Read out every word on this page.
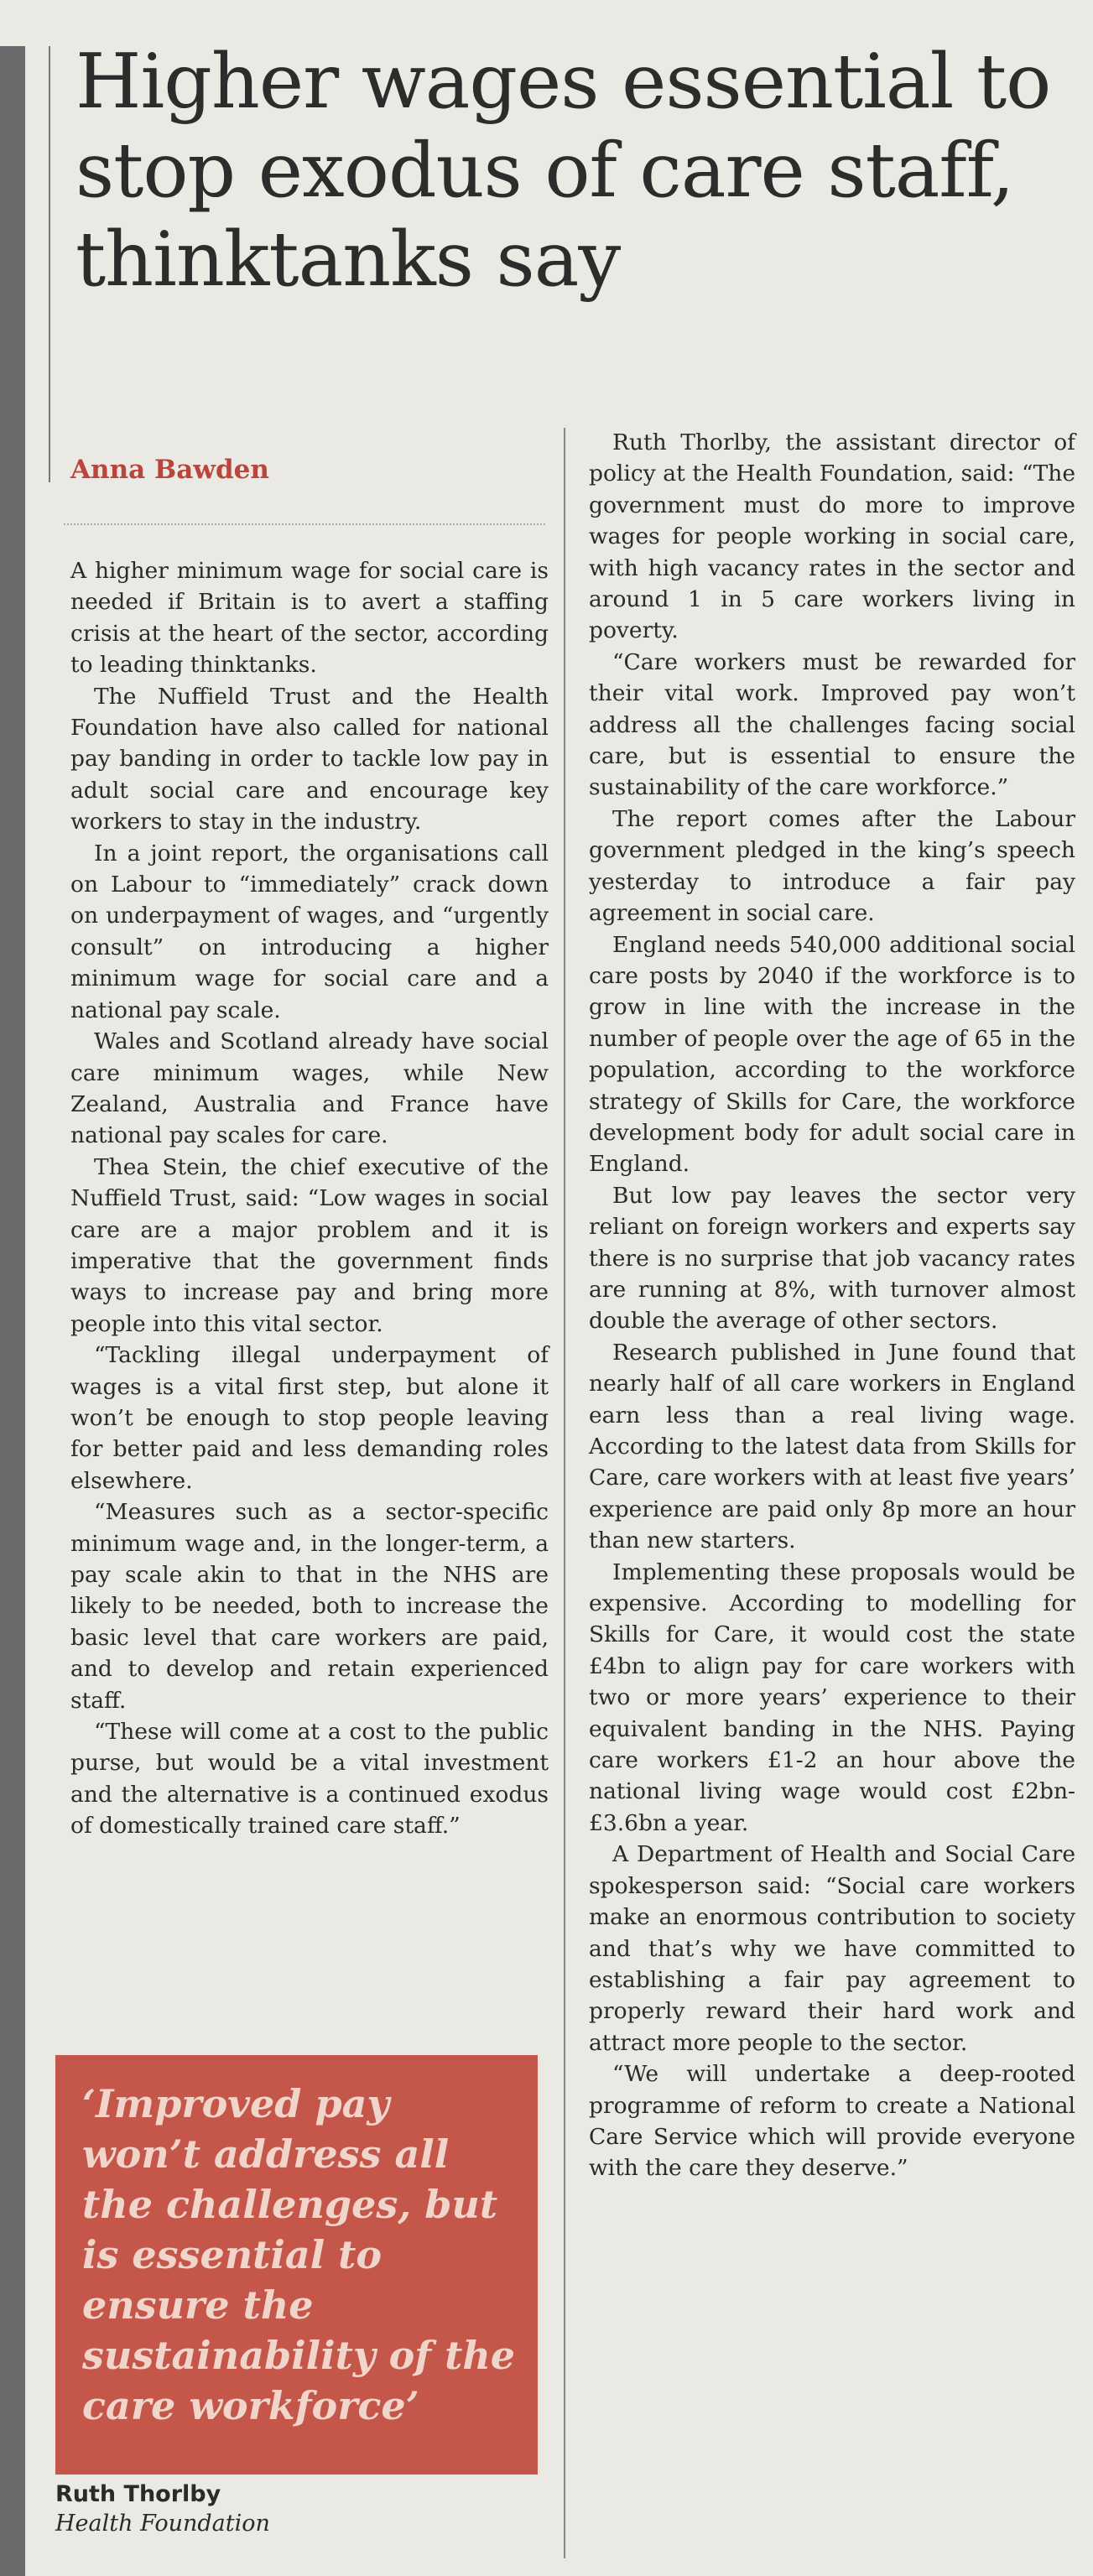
Higher wages essential to stop exodus of care staff, thinktanks say

Anna Bawden

A higher minimum wage for social care is needed if Britain is to avert a staffing crisis at the heart of the sector, according to leading thinktanks.

The Nuffield Trust and the Health Foundation have also called for national pay banding in order to tackle low pay in adult social care and encourage key workers to stay in the industry.

In a joint report, the organisations call on Labour to “immediately” crack down on underpayment of wages, and “urgently consult” on introducing a higher minimum wage for social care and a national pay scale.

Wales and Scotland already have social care minimum wages, while New Zealand, Australia and France have national pay scales for care.

Thea Stein, the chief executive of the Nuffield Trust, said: “Low wages in social care are a major problem and it is imperative that the government finds ways to increase pay and bring more people into this vital sector.

“Tackling illegal underpayment of wages is a vital first step, but alone it won’t be enough to stop people leaving for better paid and less demanding roles elsewhere.

“Measures such as a sector-specific minimum wage and, in the longer-term, a pay scale akin to that in the NHS are likely to be needed, both to increase the basic level that care workers are paid, and to develop and retain experienced staff.

“These will come at a cost to the public purse, but would be a vital investment and the alternative is a continued exodus of domestically trained care staff.”

Ruth Thorlby, the assistant director of policy at the Health Foundation, said: “The government must do more to improve wages for people working in social care, with high vacancy rates in the sector and around 1 in 5 care workers living in poverty.

“Care workers must be rewarded for their vital work. Improved pay won’t address all the challenges facing social care, but is essential to ensure the sustainability of the care workforce.”

The report comes after the Labour government pledged in the king’s speech yesterday to introduce a fair pay agreement in social care.

England needs 540,000 additional social care posts by 2040 if the workforce is to grow in line with the increase in the number of people over the age of 65 in the population, according to the workforce strategy of Skills for Care, the workforce development body for adult social care in England.

But low pay leaves the sector very reliant on foreign workers and experts say there is no surprise that job vacancy rates are running at 8%, with turnover almost double the average of other sectors.

Research published in June found that nearly half of all care workers in England earn less than a real living wage. According to the latest data from Skills for Care, care workers with at least five years’ experience are paid only 8p more an hour than new starters.

Implementing these proposals would be expensive. According to modelling for Skills for Care, it would cost the state £4bn to align pay for care workers with two or more years’ experience to their equivalent banding in the NHS. Paying care workers £1-2 an hour above the national living wage would cost £2bn-£3.6bn a year.

A Department of Health and Social Care spokesperson said: “Social care workers make an enormous contribution to society and that’s why we have committed to establishing a fair pay agreement to properly reward their hard work and attract more people to the sector.

“We will undertake a deep-rooted programme of reform to create a National Care Service which will provide everyone with the care they deserve.”

‘Improved pay won’t address all the challenges, but is essential to ensure the sustainability of the care workforce’

Ruth Thorlby

Health Foundation
